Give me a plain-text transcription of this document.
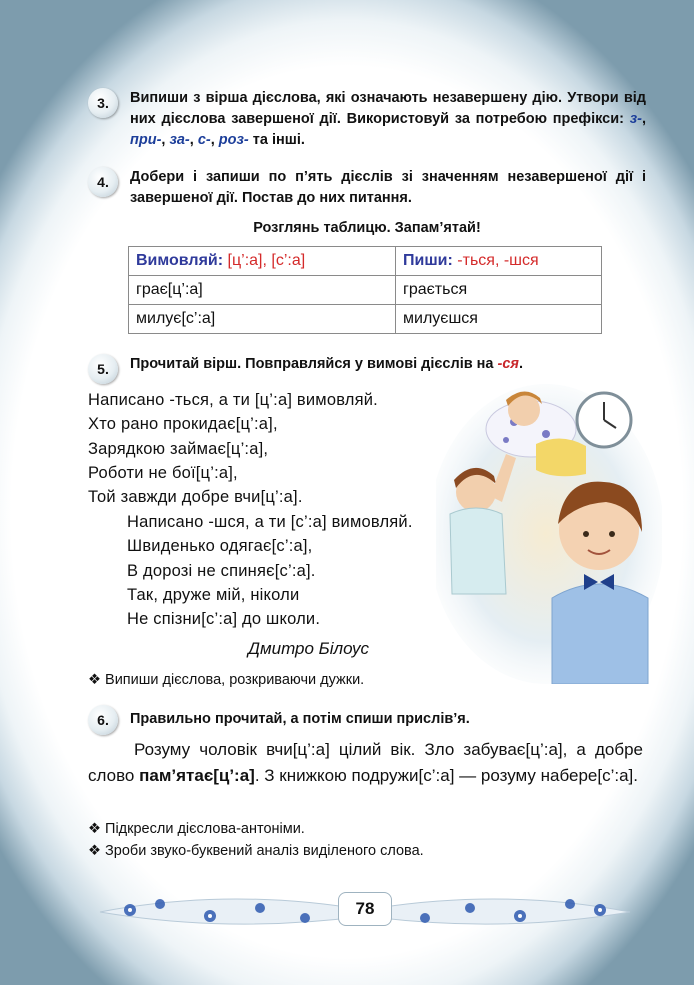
3.	Випиши з вірша дієслова, які означають незавершену дію. Утвори від них дієслова завершеної дії. Використовуй за потребою префікси: з-, при-, за-, с-, роз- та інші.
4.	Добери і запиши по п’ять дієслів зі значенням незавершеної дії і завершеної дії. Постав до них питання.
Розглянь таблицю. Запам’ятай!
Вимовляй: [ц’:а], [с’:а]	Пиши: -ться, -шся
грає[ц’:а]	грається
милує[с’:а]	милуєшся
5.	Прочитай вірш. Повправляйся у вимові дієслів на -ся.
Написано -ться, а ти [ц’:а] вимовляй.
Хто рано прокидає[ц’:а],
Зарядкою займає[ц’:а],
Роботи не бої[ц’:а],
Той завжди добре вчи[ц’:а].
Написано -шся, а ти [с’:а] вимовляй.
Швиденько одягає[с’:а],
В дорозі не спиняє[с’:а].
Так, друже мій, ніколи
Не спізни[с’:а] до школи.
Дмитро Білоус
❖ Випиши дієслова, розкриваючи дужки.
6.	Правильно прочитай, а потім спиши прислів’я.
Розуму чоловік вчи[ц’:а] цілий вік. Зло забуває[ц’:а], а добре слово пам’ятає[ц’:а]. З книжкою подружи[с’:а] — розуму набере[с’:а].
❖ Підкресли дієслова-антоніми.
❖ Зроби звуко-буквений аналіз виділеного слова.
78
